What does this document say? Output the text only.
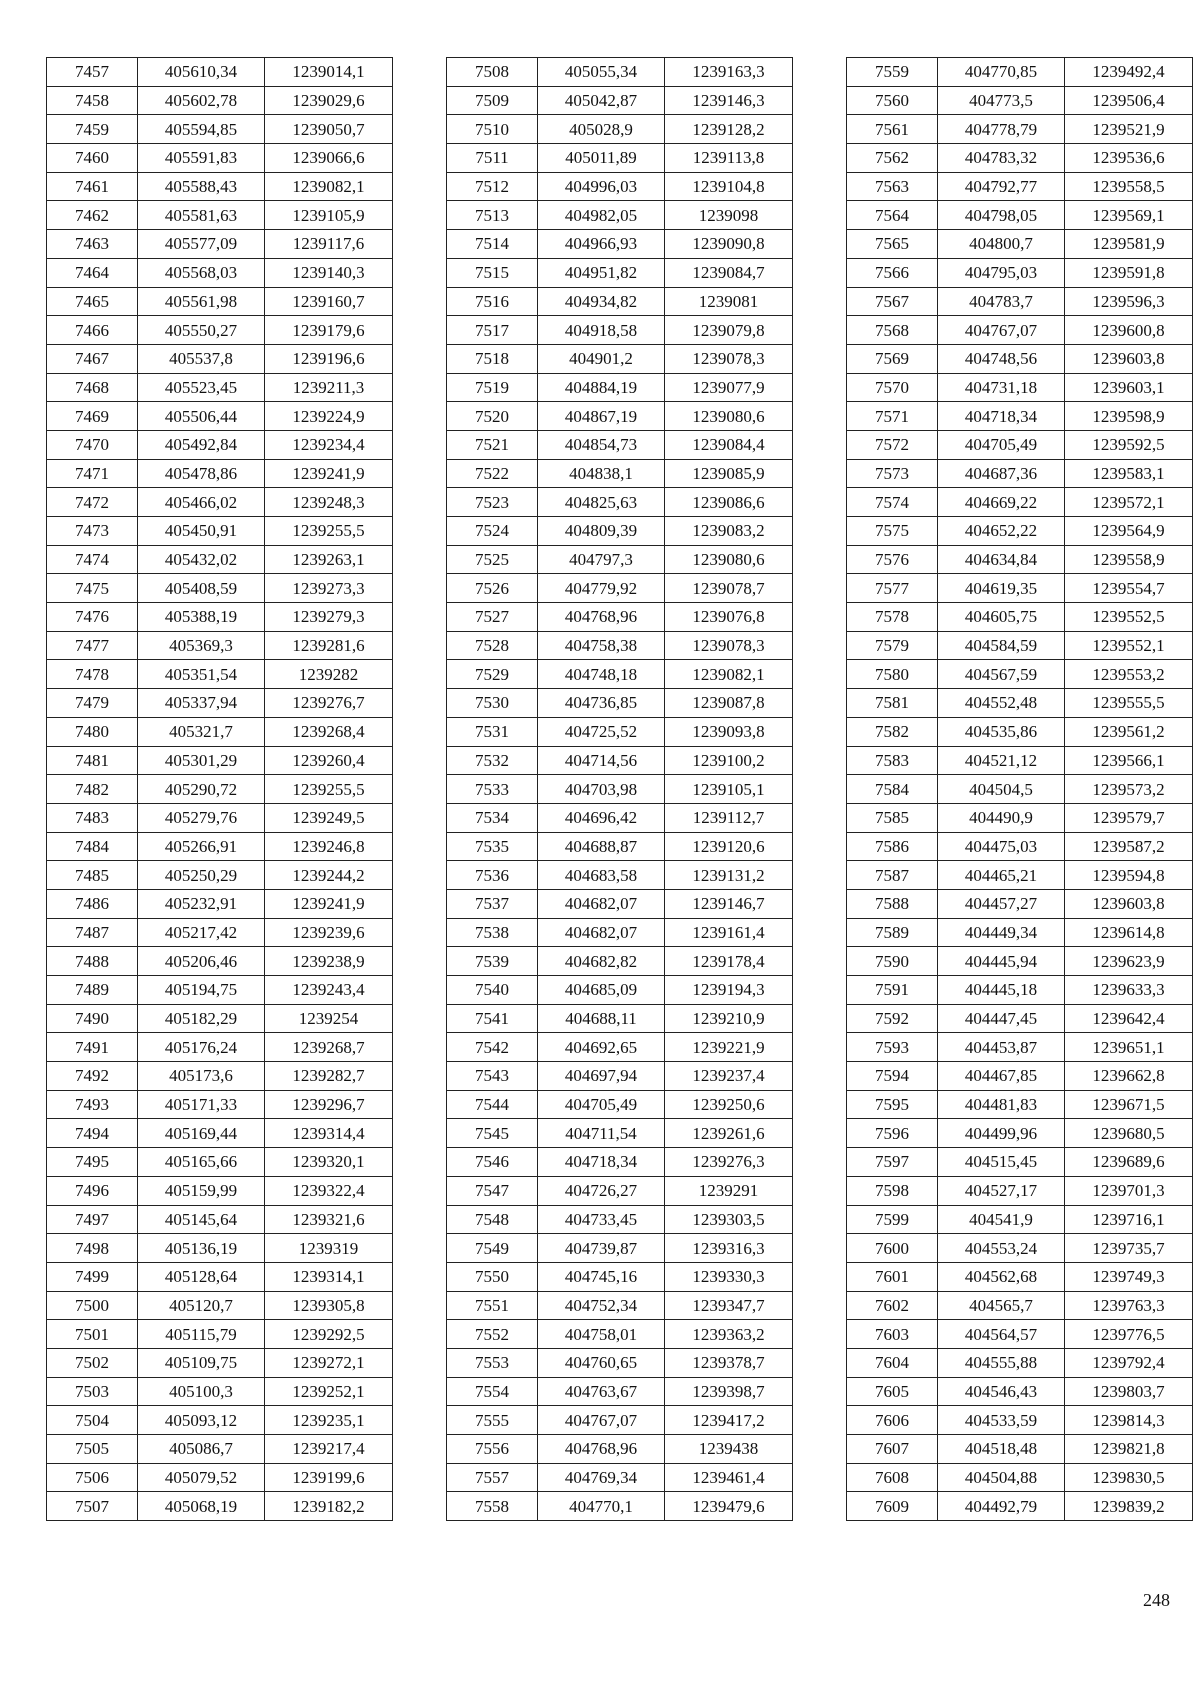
7457	405610,34	1239014,1
7458	405602,78	1239029,6
7459	405594,85	1239050,7
7460	405591,83	1239066,6
7461	405588,43	1239082,1
7462	405581,63	1239105,9
7463	405577,09	1239117,6
7464	405568,03	1239140,3
7465	405561,98	1239160,7
7466	405550,27	1239179,6
7467	405537,8	1239196,6
7468	405523,45	1239211,3
7469	405506,44	1239224,9
7470	405492,84	1239234,4
7471	405478,86	1239241,9
7472	405466,02	1239248,3
7473	405450,91	1239255,5
7474	405432,02	1239263,1
7475	405408,59	1239273,3
7476	405388,19	1239279,3
7477	405369,3	1239281,6
7478	405351,54	1239282
7479	405337,94	1239276,7
7480	405321,7	1239268,4
7481	405301,29	1239260,4
7482	405290,72	1239255,5
7483	405279,76	1239249,5
7484	405266,91	1239246,8
7485	405250,29	1239244,2
7486	405232,91	1239241,9
7487	405217,42	1239239,6
7488	405206,46	1239238,9
7489	405194,75	1239243,4
7490	405182,29	1239254
7491	405176,24	1239268,7
7492	405173,6	1239282,7
7493	405171,33	1239296,7
7494	405169,44	1239314,4
7495	405165,66	1239320,1
7496	405159,99	1239322,4
7497	405145,64	1239321,6
7498	405136,19	1239319
7499	405128,64	1239314,1
7500	405120,7	1239305,8
7501	405115,79	1239292,5
7502	405109,75	1239272,1
7503	405100,3	1239252,1
7504	405093,12	1239235,1
7505	405086,7	1239217,4
7506	405079,52	1239199,6
7507	405068,19	1239182,2
7508	405055,34	1239163,3
7509	405042,87	1239146,3
7510	405028,9	1239128,2
7511	405011,89	1239113,8
7512	404996,03	1239104,8
7513	404982,05	1239098
7514	404966,93	1239090,8
7515	404951,82	1239084,7
7516	404934,82	1239081
7517	404918,58	1239079,8
7518	404901,2	1239078,3
7519	404884,19	1239077,9
7520	404867,19	1239080,6
7521	404854,73	1239084,4
7522	404838,1	1239085,9
7523	404825,63	1239086,6
7524	404809,39	1239083,2
7525	404797,3	1239080,6
7526	404779,92	1239078,7
7527	404768,96	1239076,8
7528	404758,38	1239078,3
7529	404748,18	1239082,1
7530	404736,85	1239087,8
7531	404725,52	1239093,8
7532	404714,56	1239100,2
7533	404703,98	1239105,1
7534	404696,42	1239112,7
7535	404688,87	1239120,6
7536	404683,58	1239131,2
7537	404682,07	1239146,7
7538	404682,07	1239161,4
7539	404682,82	1239178,4
7540	404685,09	1239194,3
7541	404688,11	1239210,9
7542	404692,65	1239221,9
7543	404697,94	1239237,4
7544	404705,49	1239250,6
7545	404711,54	1239261,6
7546	404718,34	1239276,3
7547	404726,27	1239291
7548	404733,45	1239303,5
7549	404739,87	1239316,3
7550	404745,16	1239330,3
7551	404752,34	1239347,7
7552	404758,01	1239363,2
7553	404760,65	1239378,7
7554	404763,67	1239398,7
7555	404767,07	1239417,2
7556	404768,96	1239438
7557	404769,34	1239461,4
7558	404770,1	1239479,6
7559	404770,85	1239492,4
7560	404773,5	1239506,4
7561	404778,79	1239521,9
7562	404783,32	1239536,6
7563	404792,77	1239558,5
7564	404798,05	1239569,1
7565	404800,7	1239581,9
7566	404795,03	1239591,8
7567	404783,7	1239596,3
7568	404767,07	1239600,8
7569	404748,56	1239603,8
7570	404731,18	1239603,1
7571	404718,34	1239598,9
7572	404705,49	1239592,5
7573	404687,36	1239583,1
7574	404669,22	1239572,1
7575	404652,22	1239564,9
7576	404634,84	1239558,9
7577	404619,35	1239554,7
7578	404605,75	1239552,5
7579	404584,59	1239552,1
7580	404567,59	1239553,2
7581	404552,48	1239555,5
7582	404535,86	1239561,2
7583	404521,12	1239566,1
7584	404504,5	1239573,2
7585	404490,9	1239579,7
7586	404475,03	1239587,2
7587	404465,21	1239594,8
7588	404457,27	1239603,8
7589	404449,34	1239614,8
7590	404445,94	1239623,9
7591	404445,18	1239633,3
7592	404447,45	1239642,4
7593	404453,87	1239651,1
7594	404467,85	1239662,8
7595	404481,83	1239671,5
7596	404499,96	1239680,5
7597	404515,45	1239689,6
7598	404527,17	1239701,3
7599	404541,9	1239716,1
7600	404553,24	1239735,7
7601	404562,68	1239749,3
7602	404565,7	1239763,3
7603	404564,57	1239776,5
7604	404555,88	1239792,4
7605	404546,43	1239803,7
7606	404533,59	1239814,3
7607	404518,48	1239821,8
7608	404504,88	1239830,5
7609	404492,79	1239839,2
248
